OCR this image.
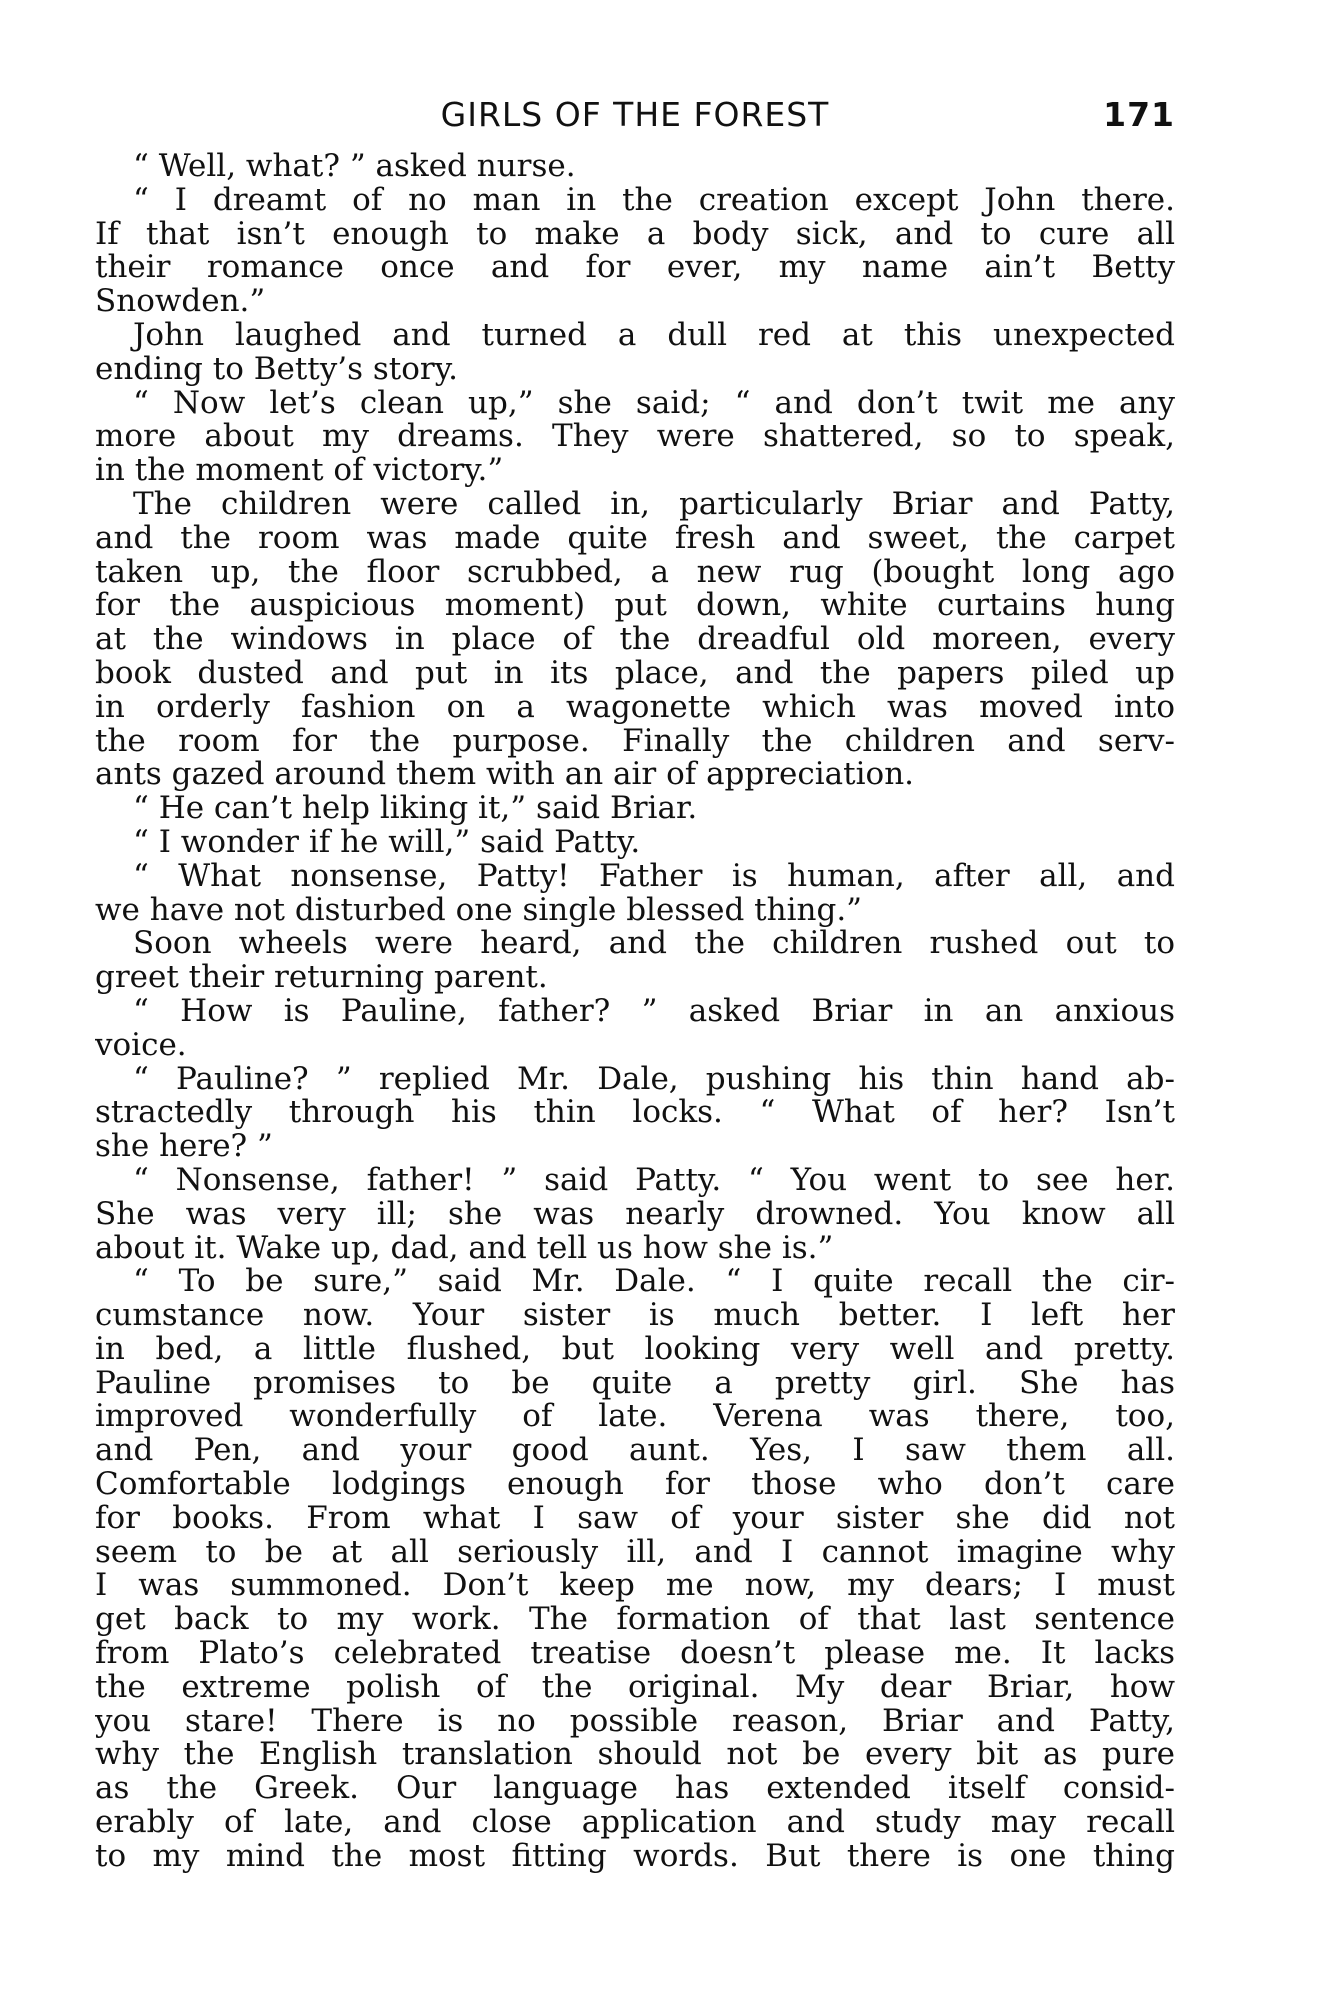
GIRLS OF THE FOREST	171
“ Well, what? ” asked nurse.
“ I dreamt of no man in the creation except John there.
If that isn’t enough to make a body sick, and to cure all
their romance once and for ever, my name ain’t Betty
Snowden.”
John laughed and turned a dull red at this unexpected
ending to Betty’s story.
“ Now let’s clean up,” she said; “ and don’t twit me any
more about my dreams. They were shattered, so to speak,
in the moment of victory.”
The children were called in, particularly Briar and Patty,
and the room was made quite fresh and sweet, the carpet
taken up, the floor scrubbed, a new rug (bought long ago
for the auspicious moment) put down, white curtains hung
at the windows in place of the dreadful old moreen, every
book dusted and put in its place, and the papers piled up
in orderly fashion on a wagonette which was moved into
the room for the purpose. Finally the children and serv-
ants gazed around them with an air of appreciation.
“ He can’t help liking it,” said Briar.
“ I wonder if he will,” said Patty.
“ What nonsense, Patty! Father is human, after all, and
we have not disturbed one single blessed thing.”
Soon wheels were heard, and the children rushed out to
greet their returning parent.
“ How is Pauline, father? ” asked Briar in an anxious
voice.
“ Pauline? ” replied Mr. Dale, pushing his thin hand ab-
stractedly through his thin locks. “ What of her? Isn’t
she here? ”
“ Nonsense, father! ” said Patty. “ You went to see her.
She was very ill; she was nearly drowned. You know all
about it. Wake up, dad, and tell us how she is.”
“ To be sure,” said Mr. Dale. “ I quite recall the cir-
cumstance now. Your sister is much better. I left her
in bed, a little flushed, but looking very well and pretty.
Pauline promises to be quite a pretty girl. She has
improved wonderfully of late. Verena was there, too,
and Pen, and your good aunt. Yes, I saw them all.
Comfortable lodgings enough for those who don’t care
for books. From what I saw of your sister she did not
seem to be at all seriously ill, and I cannot imagine why
I was summoned. Don’t keep me now, my dears; I must
get back to my work. The formation of that last sentence
from Plato’s celebrated treatise doesn’t please me. It lacks
the extreme polish of the original. My dear Briar, how
you stare! There is no possible reason, Briar and Patty,
why the English translation should not be every bit as pure
as the Greek. Our language has extended itself consid-
erably of late, and close application and study may recall
to my mind the most fitting words. But there is one thing
